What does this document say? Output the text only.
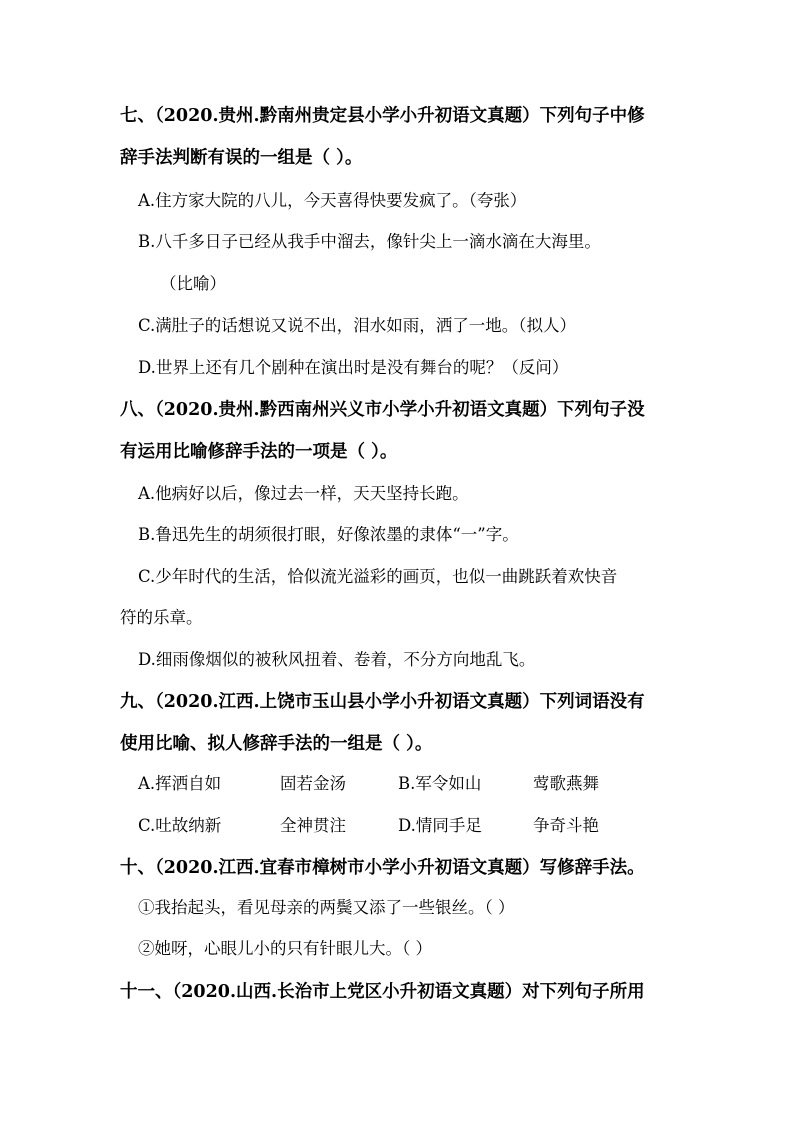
七、（2020.贵州.黔南州贵定县小学小升初语文真题）下列句子中修
辞手法判断有误的一组是（ ）。
A.住方家大院的八儿，今天喜得快要发疯了。（夸张）
B.八千多日子已经从我手中溜去，像针尖上一滴水滴在大海里。
（比喻）
C.满肚子的话想说又说不出，泪水如雨，洒了一地。（拟人）
D.世界上还有几个剧种在演出时是没有舞台的呢？（反问）
八、（2020.贵州.黔西南州兴义市小学小升初语文真题）下列句子没
有运用比喻修辞手法的一项是（ ）。
A.他病好以后，像过去一样，天天坚持长跑。
B.鲁迅先生的胡须很打眼，好像浓墨的隶体“一”字。
C.少年时代的生活，恰似流光溢彩的画页，也似一曲跳跃着欢快音
符的乐章。
D.细雨像烟似的被秋风扭着、卷着，不分方向地乱飞。
九、（2020.江西.上饶市玉山县小学小升初语文真题）下列词语没有
使用比喻、拟人修辞手法的一组是（ ）。
A.挥洒自如	固若金汤	B.军令如山	莺歌燕舞
C.吐故纳新	全神贯注	D.情同手足	争奇斗艳
十、（2020.江西.宜春市樟树市小学小升初语文真题）写修辞手法。
①我抬起头，看见母亲的两鬓又添了一些银丝。（ ）
②她呀，心眼儿小的只有针眼儿大。（ ）
十一、（2020.山西.长治市上党区小升初语文真题）对下列句子所用
